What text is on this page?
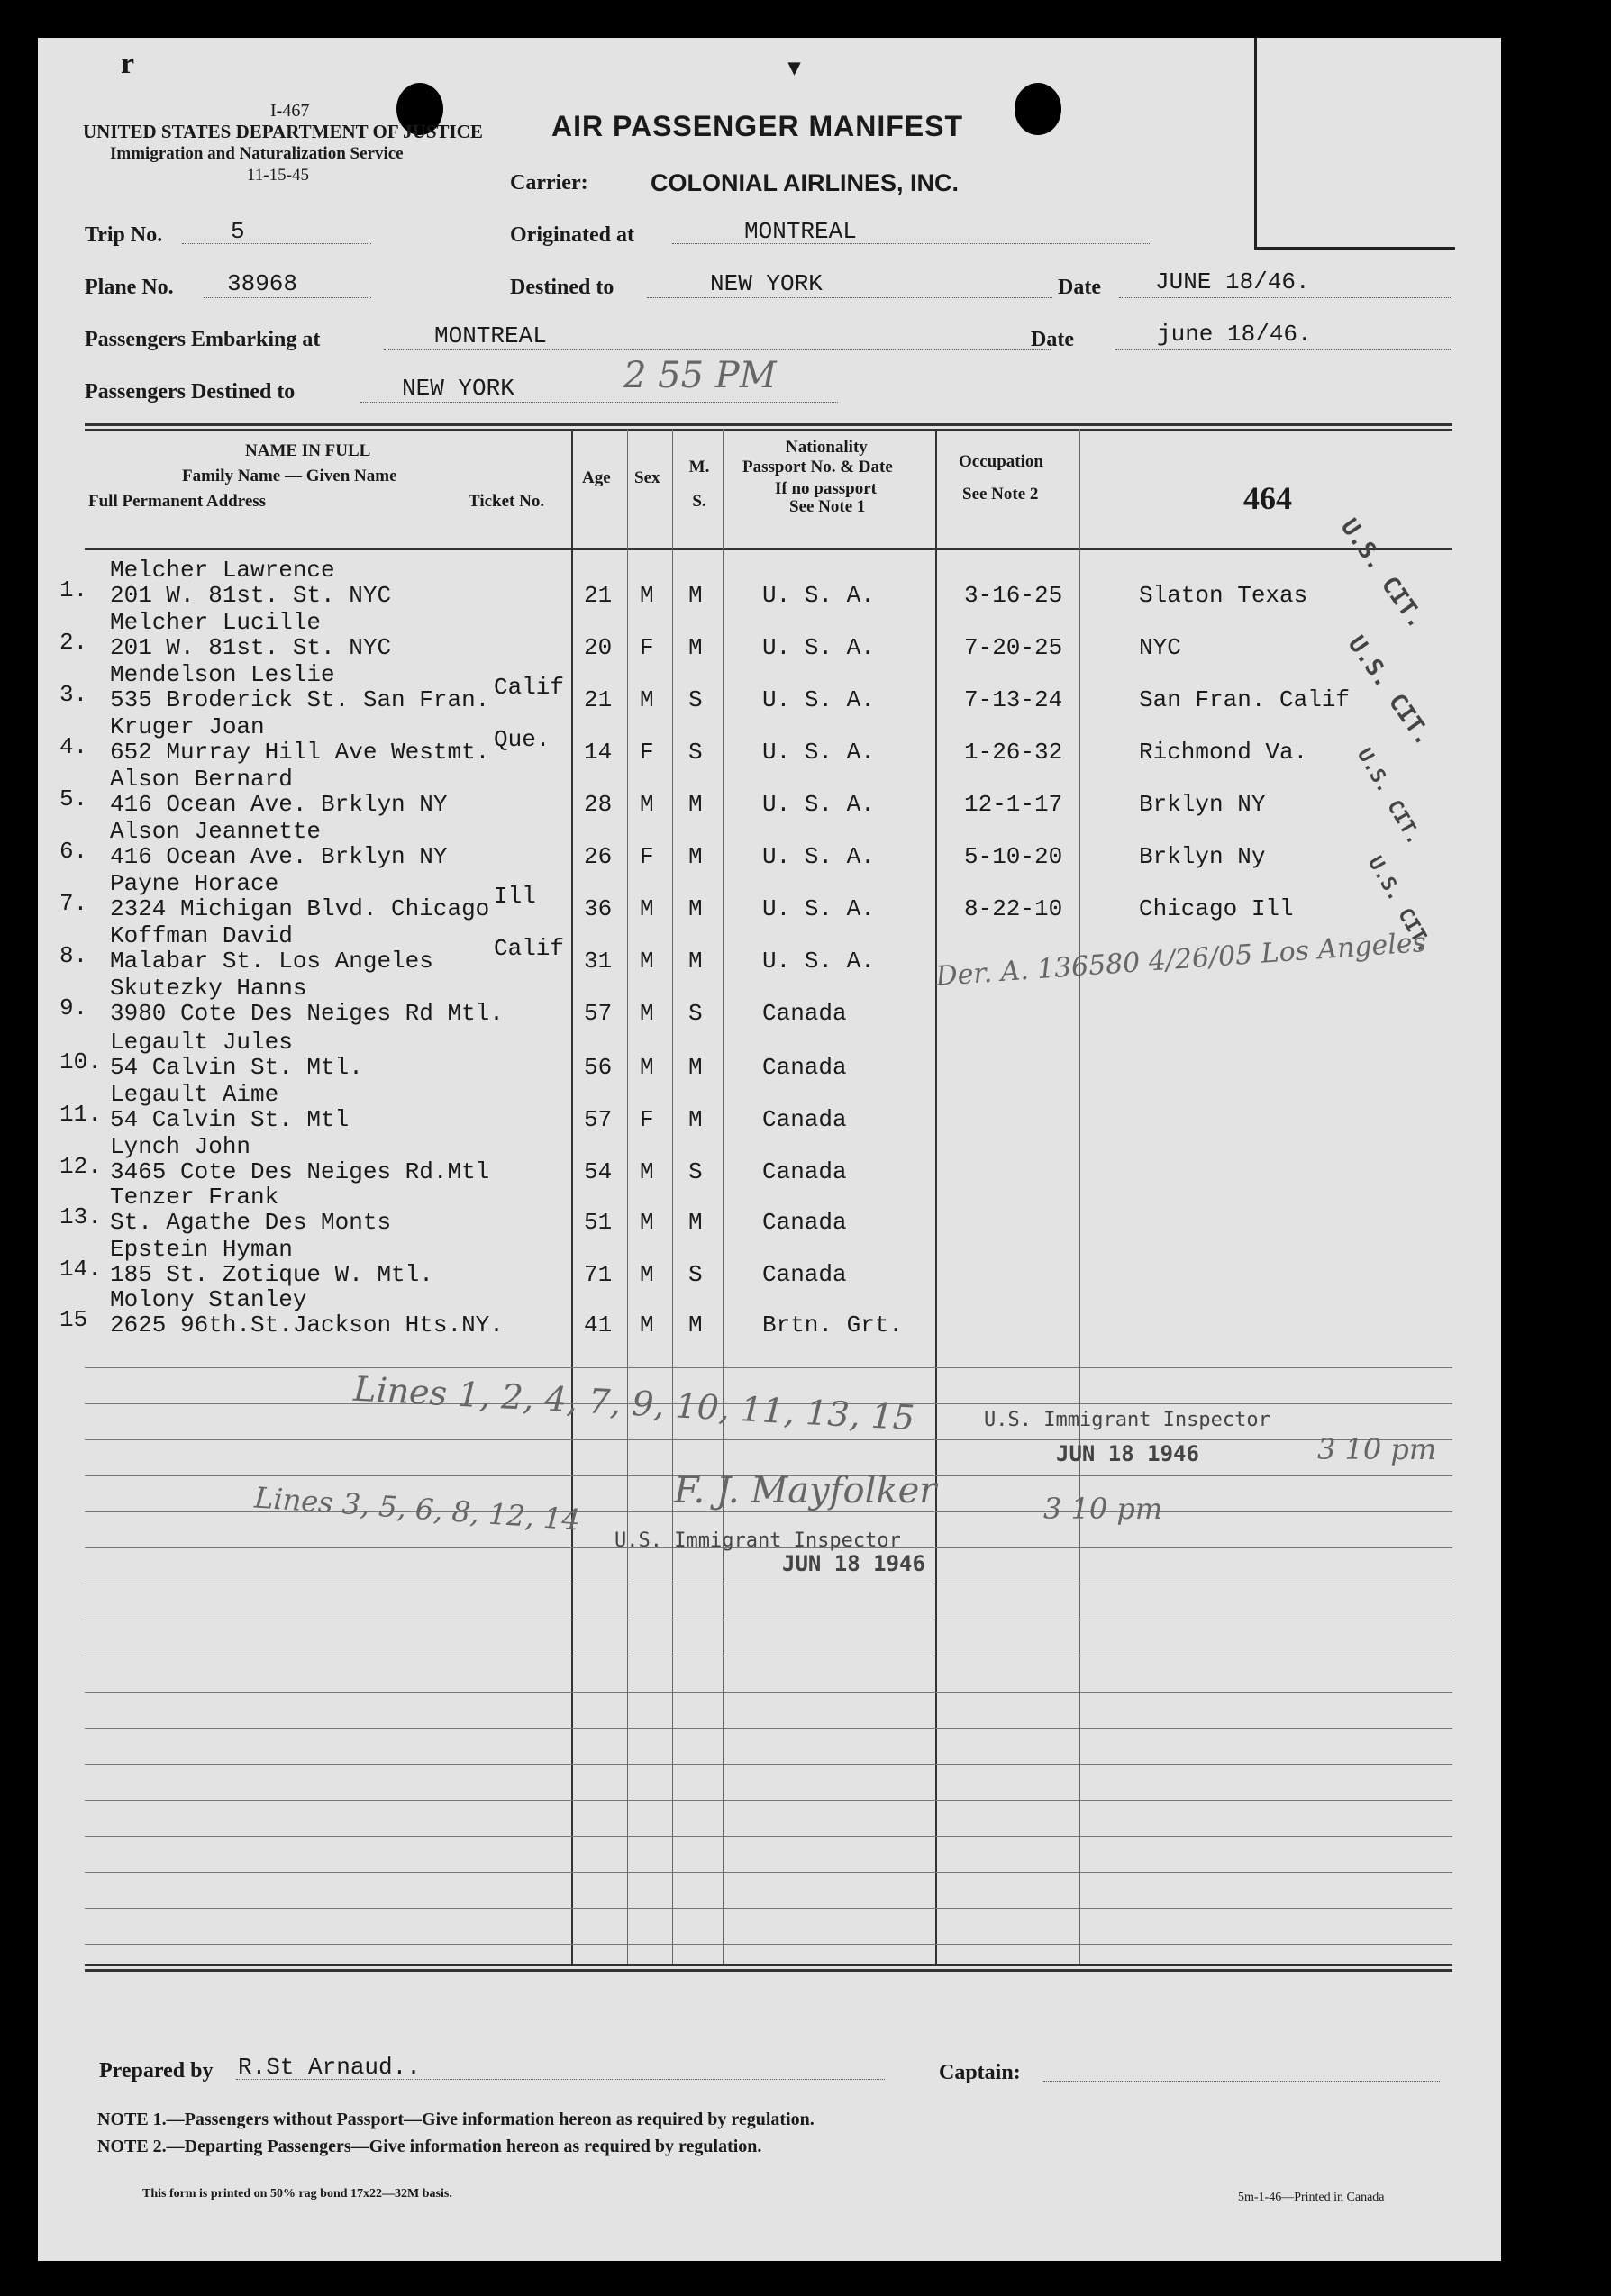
r	▾
I-467
UNITED STATES DEPARTMENT OF JUSTICE
Immigration and Naturalization Service
11-15-45
AIR PASSENGER MANIFEST
Carrier:	COLONIAL AIRLINES, INC.
Trip No.	5	Originated at	MONTREAL
Plane No. 38968	Destined to	NEW YORK	Date JUNE 18/46.
Passengers Embarking at	MONTREAL	Date	june 18/46.
Passengers Destined to	NEW YORK	2 55 PM
NAME IN FULL
Family Name — Given Name
Full Permanent Address	Ticket No.
Age Sex
M. S.
Nationality
Passport No. & Date
If no passport
See Note 1
Occupation
See Note 2	464
1.
Melcher Lawrence
201 W. 81st. St. NYC	21 M M	U. S. A.	3-16-25	Slaton Texas
2.
Melcher Lucille
201 W. 81st. St. NYC	20 F M	U. S. A.	7-20-25	NYC
3.
Mendelson Leslie	Calif
535 Broderick St. San Fran.	21 M S	U. S. A.	7-13-24	San Fran. Calif
4.
Kruger Joan	Que.
652 Murray Hill Ave Westmt.	14 F S	U. S. A.	1-26-32	Richmond Va.
5.
Alson Bernard
416 Ocean Ave. Brklyn NY	28 M M	U. S. A.	12-1-17	Brklyn NY
6.
Alson Jeannette
416 Ocean Ave. Brklyn NY	26 F M	U. S. A.	5-10-20	Brklyn Ny
7.
Payne Horace	Ill
2324 Michigan Blvd. Chicago	36 M M	U. S. A.	8-22-10	Chicago Ill
8.
Koffman David	Calif
Malabar St. Los Angeles	31 M M	U. S. A.
9.
Skutezky Hanns
3980 Cote Des Neiges Rd Mtl.	57 M S	Canada
10.
Legault Jules
54 Calvin St. Mtl.	56 M M	Canada
11.
Legault Aime
54 Calvin St. Mtl	57 F M	Canada
12.
Lynch John
3465 Cote Des Neiges Rd.Mtl	54 M S	Canada
13.
Tenzer Frank
St. Agathe Des Monts	51 M M	Canada
14.
Epstein Hyman
185 St. Zotique W. Mtl.	71 M S	Canada
15
Molony Stanley
2625 96th.St.Jackson Hts.NY.	41 M M	Brtn. Grt.
U.S. CIT.
U.S. CIT.
U.S. CIT.
U.S. CIT.
Der. A. 136580 4/26/05 Los Angeles
Lines 1, 2, 4, 7, 9, 10, 11, 13, 15	U.S. Immigrant Inspector
JUN 18 1946	3 10 pm
Lines 3, 5, 6, 8, 12, 14	F. J. Mayfolker
U.S. Immigrant Inspector
JUN 18 1946
3 10 pm
Prepared by R.St Arnaud..	Captain:
NOTE 1.—Passengers without Passport—Give information hereon as required by regulation.
NOTE 2.—Departing Passengers—Give information hereon as required by regulation.
This form is printed on 50% rag bond 17x22—32M basis.	5m-1-46—Printed in Canada
